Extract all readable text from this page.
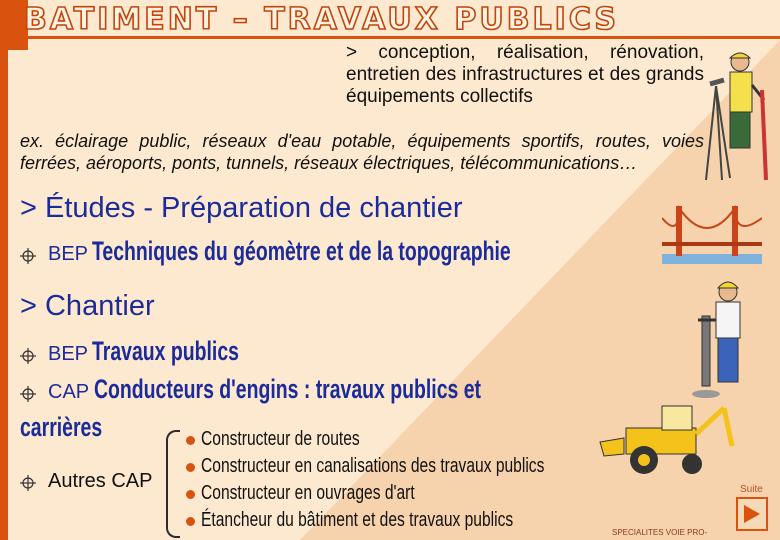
BATIMENT – TRAVAUX PUBLICS
> conception, réalisation, rénovation, entretien des infrastructures et des grands équipements collectifs
ex. éclairage public, réseaux d'eau potable, équipements sportifs, routes, voies ferrées, aéroports, ponts, tunnels, réseaux électriques, télécommunications…
> Études - Préparation de chantier
BEP Techniques du géomètre et de la topographie
> Chantier
BEP Travaux publics
CAP Conducteurs d'engins : travaux publics et
carrières
Autres CAP
Constructeur de routes
Constructeur en canalisations des travaux publics
Constructeur en ouvrages d'art
Étancheur du bâtiment et des travaux publics
Suite
SPECIALITES VOIE PRO-
